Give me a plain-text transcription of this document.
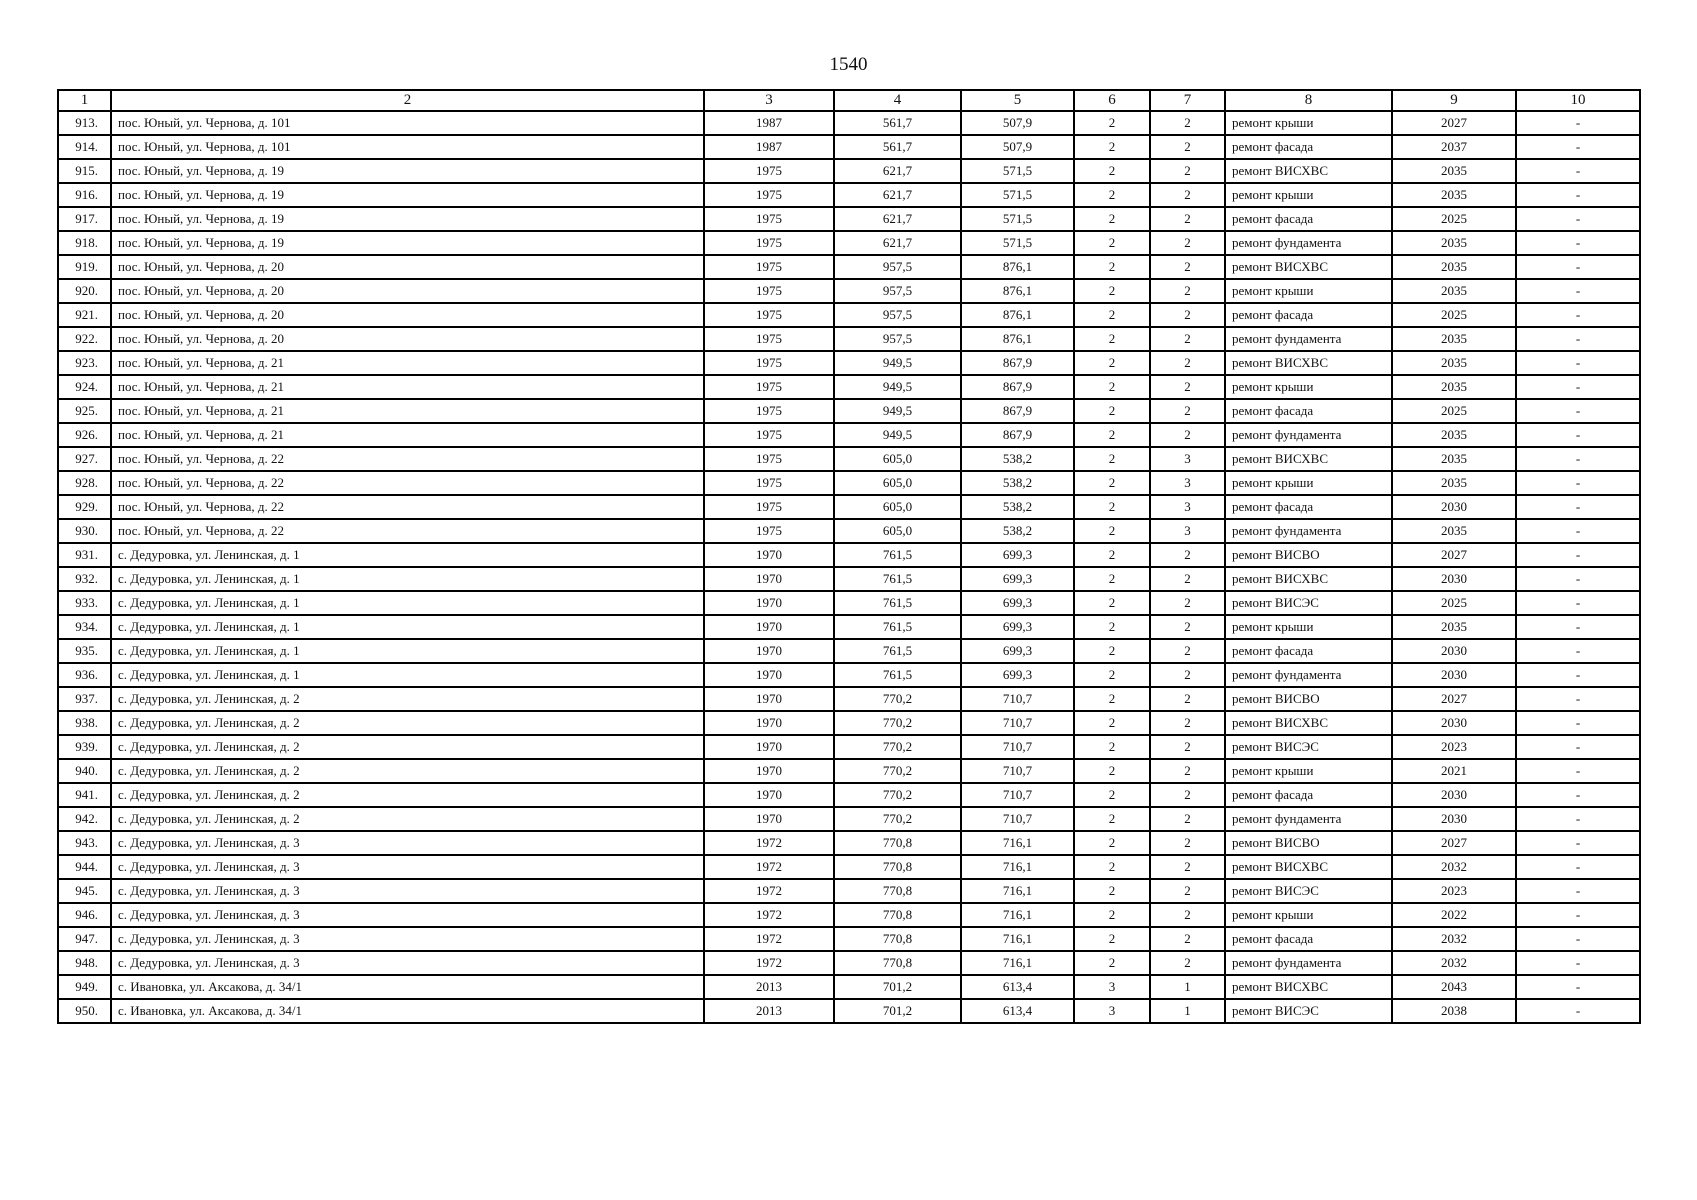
1540
1	2	3	4	5	6	7	8	9	10
913.	пос. Юный, ул. Чернова, д. 101	1987	561,7	507,9	2	2	ремонт крыши	2027	-
914.	пос. Юный, ул. Чернова, д. 101	1987	561,7	507,9	2	2	ремонт фасада	2037	-
915.	пос. Юный, ул. Чернова, д. 19	1975	621,7	571,5	2	2	ремонт ВИСХВС	2035	-
916.	пос. Юный, ул. Чернова, д. 19	1975	621,7	571,5	2	2	ремонт крыши	2035	-
917.	пос. Юный, ул. Чернова, д. 19	1975	621,7	571,5	2	2	ремонт фасада	2025	-
918.	пос. Юный, ул. Чернова, д. 19	1975	621,7	571,5	2	2	ремонт фундамента	2035	-
919.	пос. Юный, ул. Чернова, д. 20	1975	957,5	876,1	2	2	ремонт ВИСХВС	2035	-
920.	пос. Юный, ул. Чернова, д. 20	1975	957,5	876,1	2	2	ремонт крыши	2035	-
921.	пос. Юный, ул. Чернова, д. 20	1975	957,5	876,1	2	2	ремонт фасада	2025	-
922.	пос. Юный, ул. Чернова, д. 20	1975	957,5	876,1	2	2	ремонт фундамента	2035	-
923.	пос. Юный, ул. Чернова, д. 21	1975	949,5	867,9	2	2	ремонт ВИСХВС	2035	-
924.	пос. Юный, ул. Чернова, д. 21	1975	949,5	867,9	2	2	ремонт крыши	2035	-
925.	пос. Юный, ул. Чернова, д. 21	1975	949,5	867,9	2	2	ремонт фасада	2025	-
926.	пос. Юный, ул. Чернова, д. 21	1975	949,5	867,9	2	2	ремонт фундамента	2035	-
927.	пос. Юный, ул. Чернова, д. 22	1975	605,0	538,2	2	3	ремонт ВИСХВС	2035	-
928.	пос. Юный, ул. Чернова, д. 22	1975	605,0	538,2	2	3	ремонт крыши	2035	-
929.	пос. Юный, ул. Чернова, д. 22	1975	605,0	538,2	2	3	ремонт фасада	2030	-
930.	пос. Юный, ул. Чернова, д. 22	1975	605,0	538,2	2	3	ремонт фундамента	2035	-
931.	с. Дедуровка, ул. Ленинская, д. 1	1970	761,5	699,3	2	2	ремонт ВИСВО	2027	-
932.	с. Дедуровка, ул. Ленинская, д. 1	1970	761,5	699,3	2	2	ремонт ВИСХВС	2030	-
933.	с. Дедуровка, ул. Ленинская, д. 1	1970	761,5	699,3	2	2	ремонт ВИСЭС	2025	-
934.	с. Дедуровка, ул. Ленинская, д. 1	1970	761,5	699,3	2	2	ремонт крыши	2035	-
935.	с. Дедуровка, ул. Ленинская, д. 1	1970	761,5	699,3	2	2	ремонт фасада	2030	-
936.	с. Дедуровка, ул. Ленинская, д. 1	1970	761,5	699,3	2	2	ремонт фундамента	2030	-
937.	с. Дедуровка, ул. Ленинская, д. 2	1970	770,2	710,7	2	2	ремонт ВИСВО	2027	-
938.	с. Дедуровка, ул. Ленинская, д. 2	1970	770,2	710,7	2	2	ремонт ВИСХВС	2030	-
939.	с. Дедуровка, ул. Ленинская, д. 2	1970	770,2	710,7	2	2	ремонт ВИСЭС	2023	-
940.	с. Дедуровка, ул. Ленинская, д. 2	1970	770,2	710,7	2	2	ремонт крыши	2021	-
941.	с. Дедуровка, ул. Ленинская, д. 2	1970	770,2	710,7	2	2	ремонт фасада	2030	-
942.	с. Дедуровка, ул. Ленинская, д. 2	1970	770,2	710,7	2	2	ремонт фундамента	2030	-
943.	с. Дедуровка, ул. Ленинская, д. 3	1972	770,8	716,1	2	2	ремонт ВИСВО	2027	-
944.	с. Дедуровка, ул. Ленинская, д. 3	1972	770,8	716,1	2	2	ремонт ВИСХВС	2032	-
945.	с. Дедуровка, ул. Ленинская, д. 3	1972	770,8	716,1	2	2	ремонт ВИСЭС	2023	-
946.	с. Дедуровка, ул. Ленинская, д. 3	1972	770,8	716,1	2	2	ремонт крыши	2022	-
947.	с. Дедуровка, ул. Ленинская, д. 3	1972	770,8	716,1	2	2	ремонт фасада	2032	-
948.	с. Дедуровка, ул. Ленинская, д. 3	1972	770,8	716,1	2	2	ремонт фундамента	2032	-
949.	с. Ивановка, ул. Аксакова, д. 34/1	2013	701,2	613,4	3	1	ремонт ВИСХВС	2043	-
950.	с. Ивановка, ул. Аксакова, д. 34/1	2013	701,2	613,4	3	1	ремонт ВИСЭС	2038	-
